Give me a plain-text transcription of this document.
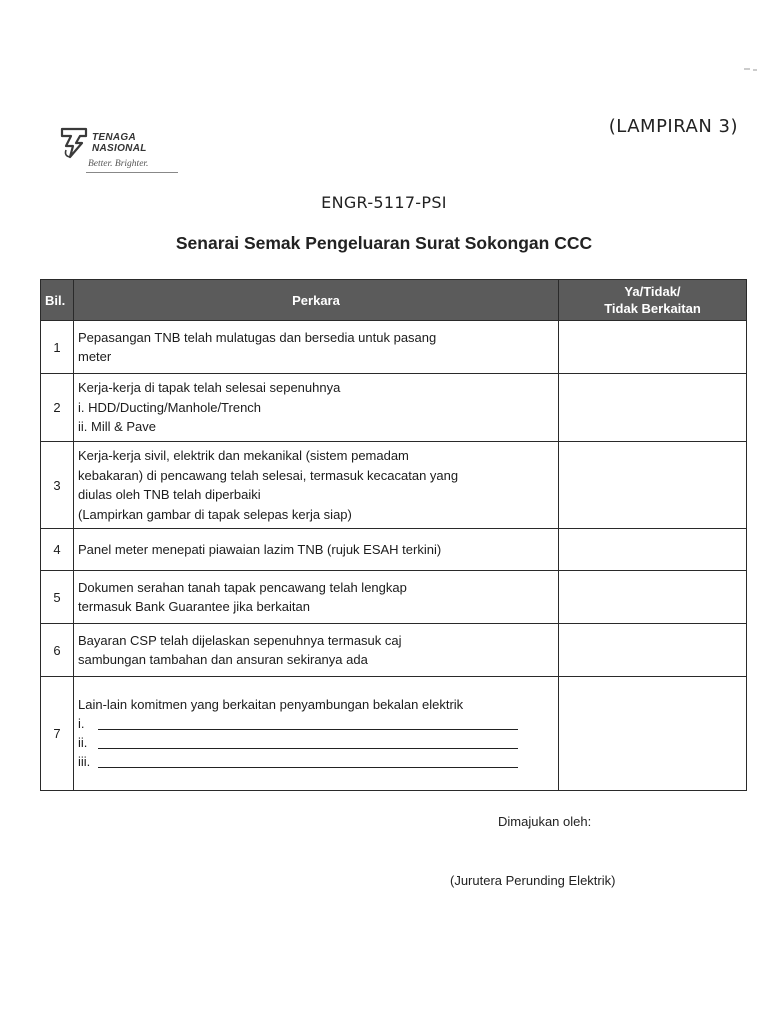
(LAMPIRAN 3)
TENAGA
NASIONAL
Better. Brighter.
ENGR-5117-PSI
Senarai Semak Pengeluaran Surat Sokongan CCC
Bil.	Perkara	Ya/Tidak/
Tidak Berkaitan

1	Pepasangan TNB telah mulatugas dan bersedia untuk pasang
meter	

2	Kerja-kerja di tapak telah selesai sepenuhnya
i. HDD/Ducting/Manhole/Trench
ii. Mill & Pave	

3	Kerja-kerja sivil, elektrik dan mekanikal (sistem pemadam
kebakaran) di pencawang telah selesai, termasuk kecacatan yang
diulas oleh TNB telah diperbaiki
(Lampirkan gambar di tapak selepas kerja siap)	

4	Panel meter menepati piawaian lazim TNB (rujuk ESAH terkini)	

5	Dokumen serahan tanah tapak pencawang telah lengkap
termasuk Bank Guarantee jika berkaitan	

6	Bayaran CSP telah dijelaskan sepenuhnya termasuk caj
sambungan tambahan dan ansuran sekiranya ada	

7	Lain-lain komitmen yang berkaitan penyambungan bekalan elektrik
i.
ii.
iii.	

Dimajukan oleh:
(Jurutera Perunding Elektrik)
